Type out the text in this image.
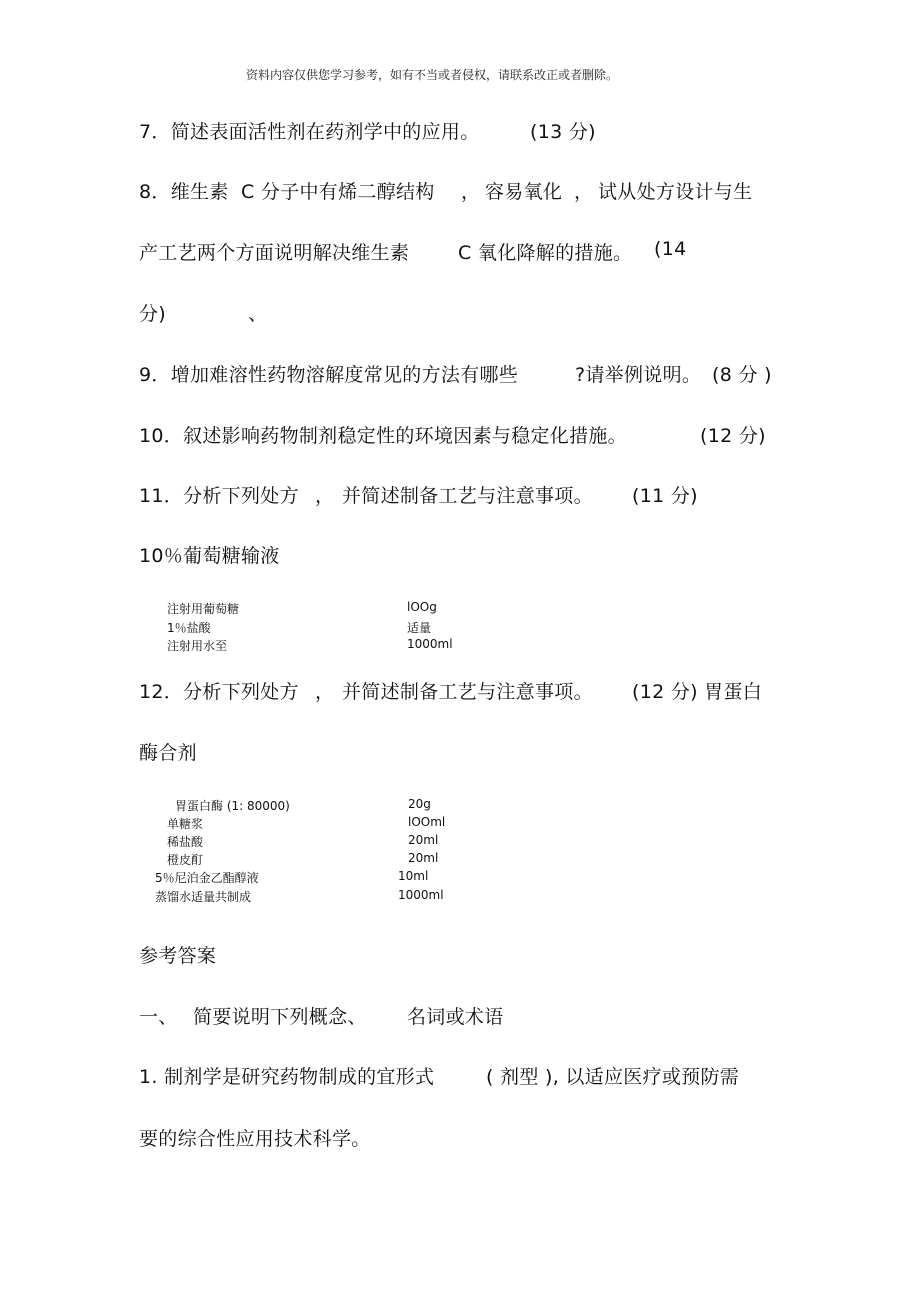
资料内容仅供您学习参考，如有不当或者侵权，请联系改正或者删除。
7．简述表面活性剂在药剂学中的应用。	(13 分)
8．维生素 C 分子中有烯二醇结构 ， 容易氧化 ， 试从处方设计与生
产工艺两个方面说明解决维生素	C 氧化降解的措施。 (14
分)	、
9．增加难溶性药物溶解度常见的方法有哪些	?请举例说明。 (8 分 )
10．叙述影响药物制剂稳定性的环境因素与稳定化措施。	(12 分)
11．分析下列处方 ， 并简述制备工艺与注意事项。 (11 分)
10％葡萄糖输液
注射用葡萄糖	lOOg
1％盐酸	适量
注射用水至	1000ml
12．分析下列处方 ， 并简述制备工艺与注意事项。 (12 分) 胃蛋白
酶合剂
胃蛋白酶 (1: 80000)	20g
单糖浆	lOOml
稀盐酸	20ml
橙皮酊	20ml
5％尼泊金乙酯醇液	10ml
蒸馏水适量共制成	1000ml
参考答案
一、 简要说明下列概念、 名词或术语
1. 制剂学是研究药物制成的宜形式	( 剂型 ), 以适应医疗或预防需
要的综合性应用技术科学。
